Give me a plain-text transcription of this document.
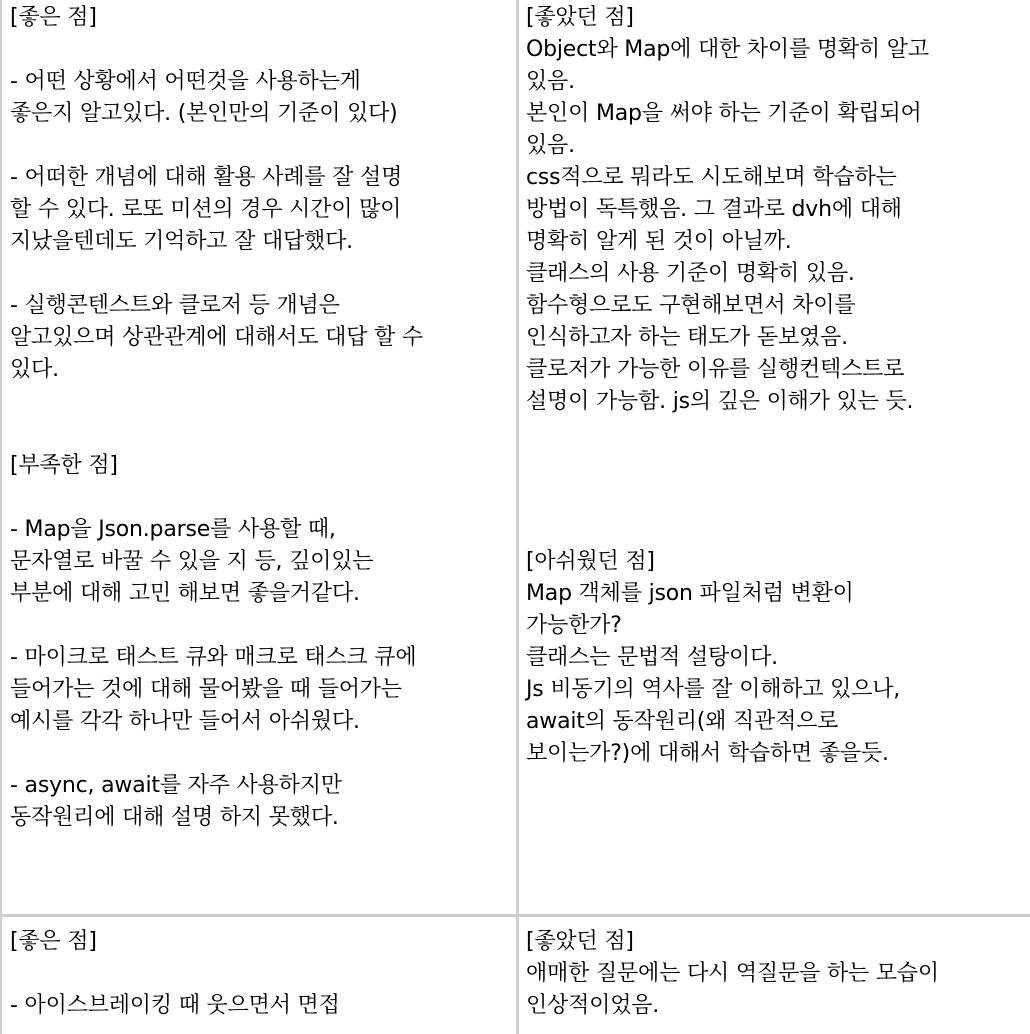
[좋은 점]
- 어떤 상황에서 어떤것을 사용하는게
좋은지 알고있다. (본인만의 기준이 있다)
- 어떠한 개념에 대해 활용 사례를 잘 설명
할 수 있다. 로또 미션의 경우 시간이 많이
지났을텐데도 기억하고 잘 대답했다.
- 실행콘텐스트와 클로저 등 개념은
알고있으며 상관관계에 대해서도 대답 할 수
있다.
[부족한 점]
- Map을 Json.parse를 사용할 때,
문자열로 바꿀 수 있을 지 등, 깊이있는
부분에 대해 고민 해보면 좋을거같다.
- 마이크로 태스트 큐와 매크로 태스크 큐에
들어가는 것에 대해 물어봤을 때 들어가는
예시를 각각 하나만 들어서 아쉬웠다.
- async, await를 자주 사용하지만
동작원리에 대해 설명 하지 못했다.
[좋았던 점]
Object와 Map에 대한 차이를 명확히 알고
있음.
본인이 Map을 써야 하는 기준이 확립되어
있음.
css적으로 뭐라도 시도해보며 학습하는
방법이 독특했음. 그 결과로 dvh에 대해
명확히 알게 된 것이 아닐까.
클래스의 사용 기준이 명확히 있음.
함수형으로도 구현해보면서 차이를
인식하고자 하는 태도가 돋보였음.
클로저가 가능한 이유를 실행컨텍스트로
설명이 가능함. js의 깊은 이해가 있는 듯.
[아쉬웠던 점]
Map 객체를 json 파일처럼 변환이
가능한가?
클래스는 문법적 설탕이다.
Js 비동기의 역사를 잘 이해하고 있으나,
await의 동작원리(왜 직관적으로
보이는가?)에 대해서 학습하면 좋을듯.
[좋은 점]
- 아이스브레이킹 때 웃으면서 면접
[좋았던 점]
애매한 질문에는 다시 역질문을 하는 모습이
인상적이었음.
